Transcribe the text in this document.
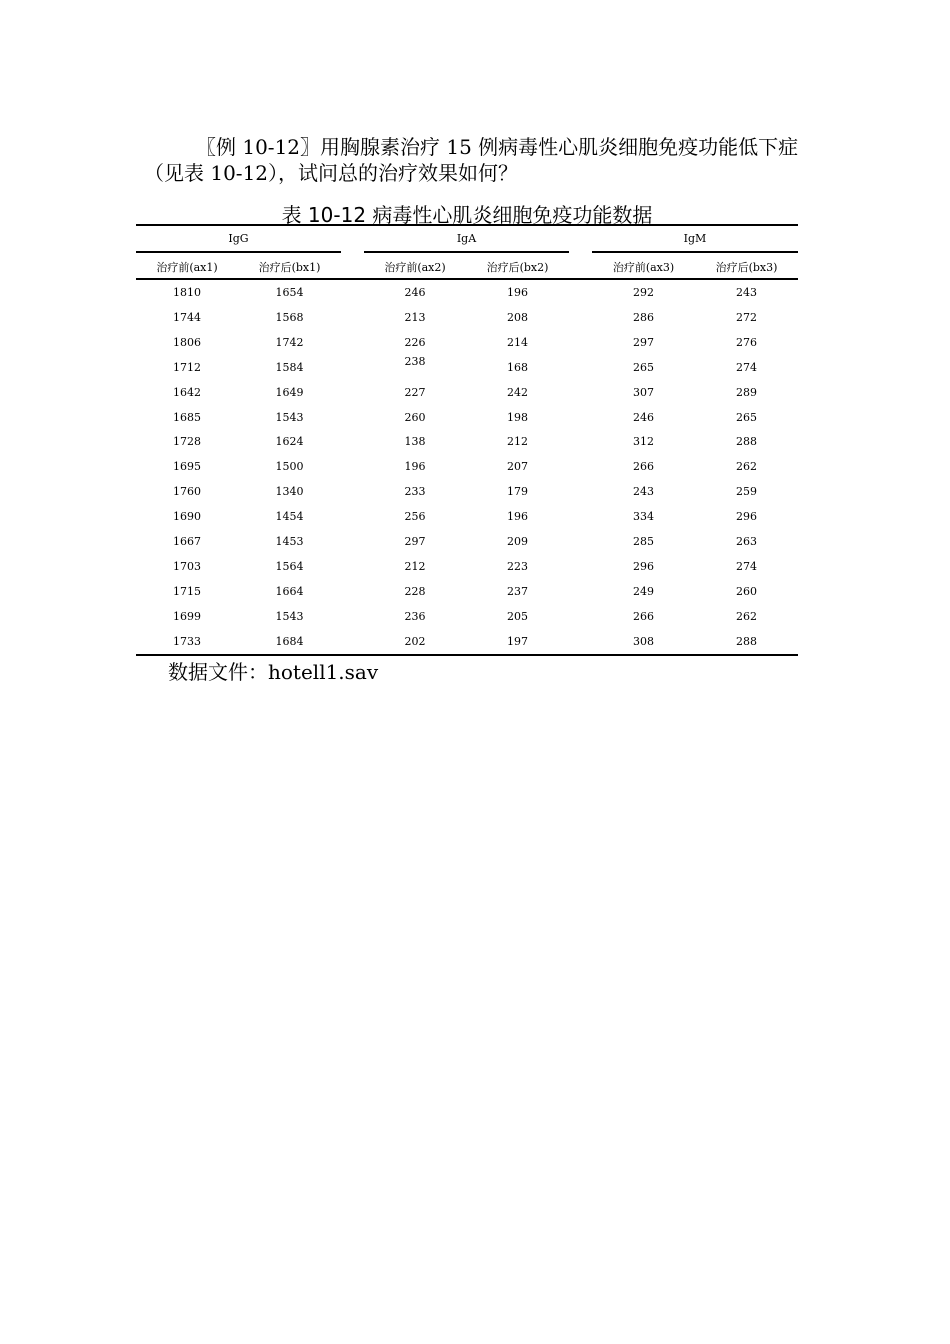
〖例 10-12〗用胸腺素治疗 15 例病毒性心肌炎细胞免疫功能低下症（见表 10-12），试问总的治疗效果如何？
表 10-12 病毒性心肌炎细胞免疫功能数据
IgG	IgA	IgM
治疗前(ax1)	治疗后(bx1)	治疗前(ax2)	治疗后(bx2)	治疗前(ax3)	治疗后(bx3)
1810	1654	246	196	292	243
1744	1568	213	208	286	272
1806	1742	226	214	297	276
1712	1584	238	168	265	274
1642	1649	227	242	307	289
1685	1543	260	198	246	265
1728	1624	138	212	312	288
1695	1500	196	207	266	262
1760	1340	233	179	243	259
1690	1454	256	196	334	296
1667	1453	297	209	285	263
1703	1564	212	223	296	274
1715	1664	228	237	249	260
1699	1543	236	205	266	262
1733	1684	202	197	308	288
数据文件：hotell1.sav
